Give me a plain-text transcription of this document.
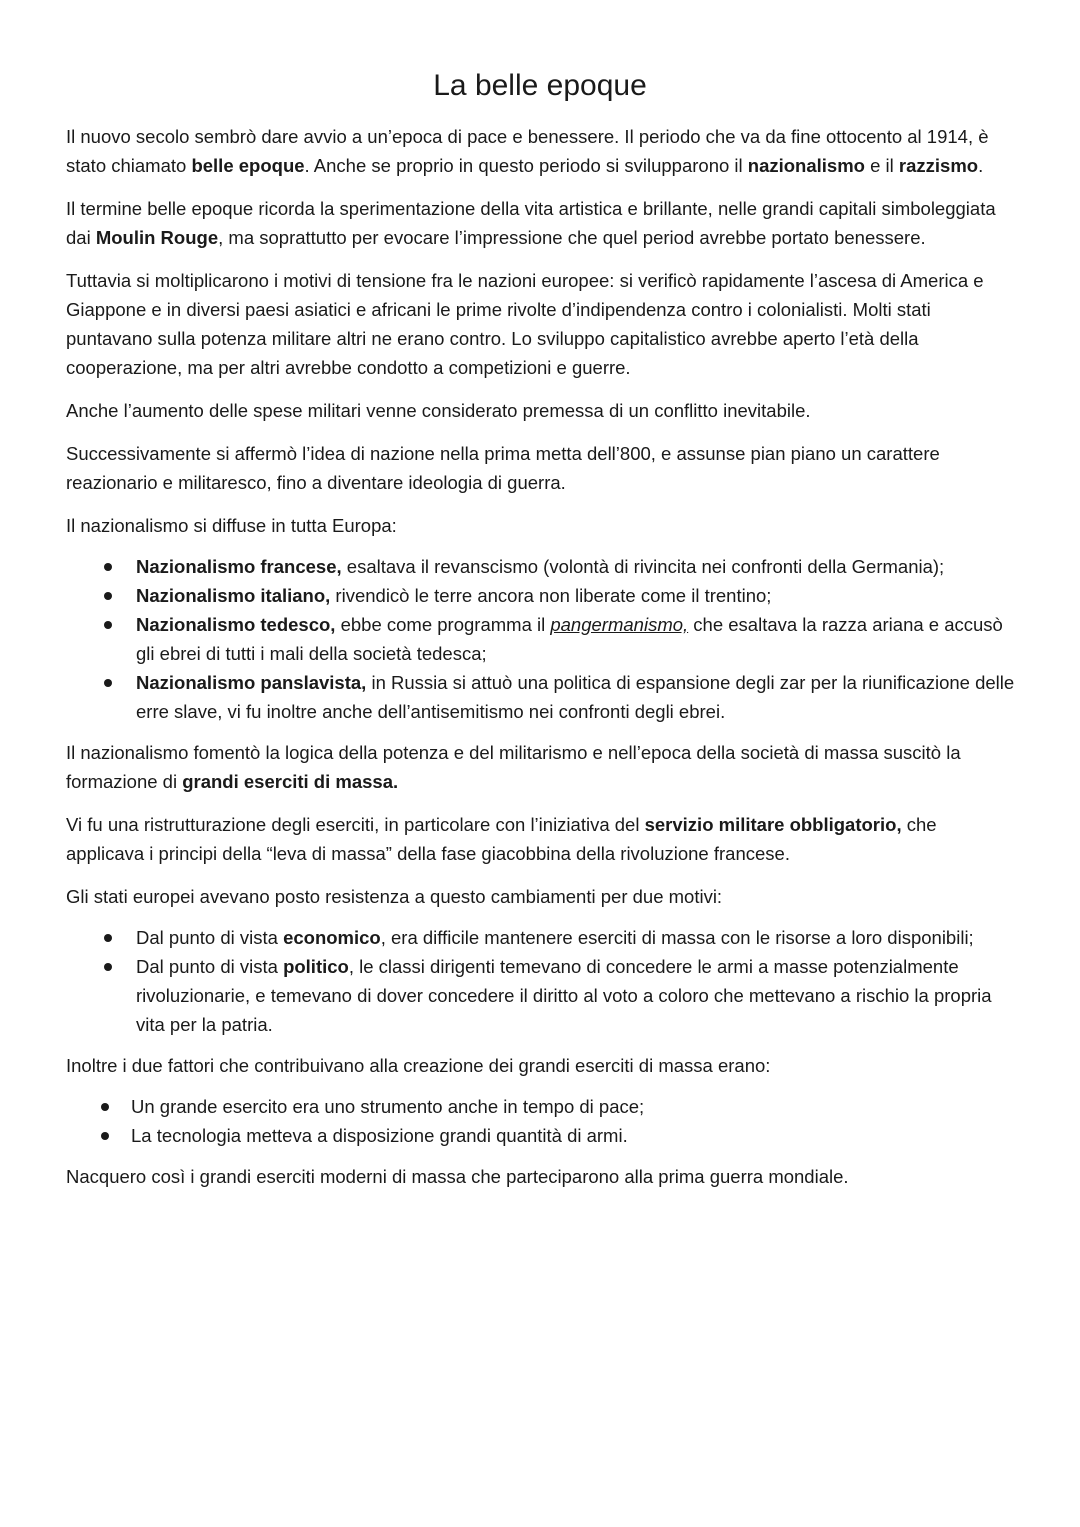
La belle epoque

Il nuovo secolo sembrò dare avvio a un’epoca di pace e benessere. Il periodo che va da fine ottocento al 1914, è stato chiamato belle epoque. Anche se proprio in questo periodo si svilupparono il nazionalismo e il razzismo.

Il termine belle epoque ricorda la sperimentazione della vita artistica e brillante, nelle grandi capitali simboleggiata dai Moulin Rouge, ma soprattutto per evocare l’impressione che quel period avrebbe portato benessere.

Tuttavia si moltiplicarono i motivi di tensione fra le nazioni europee: si verificò rapidamente l’ascesa di America e Giappone e in diversi paesi asiatici e africani le prime rivolte d’indipendenza contro i colonialisti. Molti stati puntavano sulla potenza militare altri ne erano contro. Lo sviluppo capitalistico avrebbe aperto l’età della cooperazione, ma per altri avrebbe condotto a competizioni e guerre.

Anche l’aumento delle spese militari venne considerato premessa di un conflitto inevitabile.

Successivamente si affermò l’idea di nazione nella prima metta dell’800, e assunse pian piano un carattere reazionario e militaresco, fino a diventare ideologia di guerra.

Il nazionalismo si diffuse in tutta Europa:

Nazionalismo francese, esaltava il revanscismo (volontà di rivincita nei confronti della Germania);
Nazionalismo italiano, rivendicò le terre ancora non liberate come il trentino;
Nazionalismo tedesco, ebbe come programma il pangermanismo, che esaltava la razza ariana e accusò gli ebrei di tutti i mali della società tedesca;
Nazionalismo panslavista, in Russia si attuò una politica di espansione degli zar per la riunificazione delle erre slave, vi fu inoltre anche dell’antisemitismo nei confronti degli ebrei.

Il nazionalismo fomentò la logica della potenza e del militarismo e nell’epoca della società di massa suscitò la formazione di grandi eserciti di massa.

Vi fu una ristrutturazione degli eserciti, in particolare con l’iniziativa del servizio militare obbligatorio, che applicava i principi della “leva di massa” della fase giacobbina della rivoluzione francese.

Gli stati europei avevano posto resistenza a questo cambiamenti per due motivi:

Dal punto di vista economico, era difficile mantenere eserciti di massa con le risorse a loro disponibili;
Dal punto di vista politico, le classi dirigenti temevano di concedere le armi a masse potenzialmente rivoluzionarie, e temevano di dover concedere il diritto al voto a coloro che mettevano a rischio la propria vita per la patria.

Inoltre i due fattori che contribuivano alla creazione dei grandi eserciti di massa erano:

Un grande esercito era uno strumento anche in tempo di pace;
La tecnologia metteva a disposizione grandi quantità di armi.

Nacquero così i grandi eserciti moderni di massa che parteciparono alla prima guerra mondiale.
